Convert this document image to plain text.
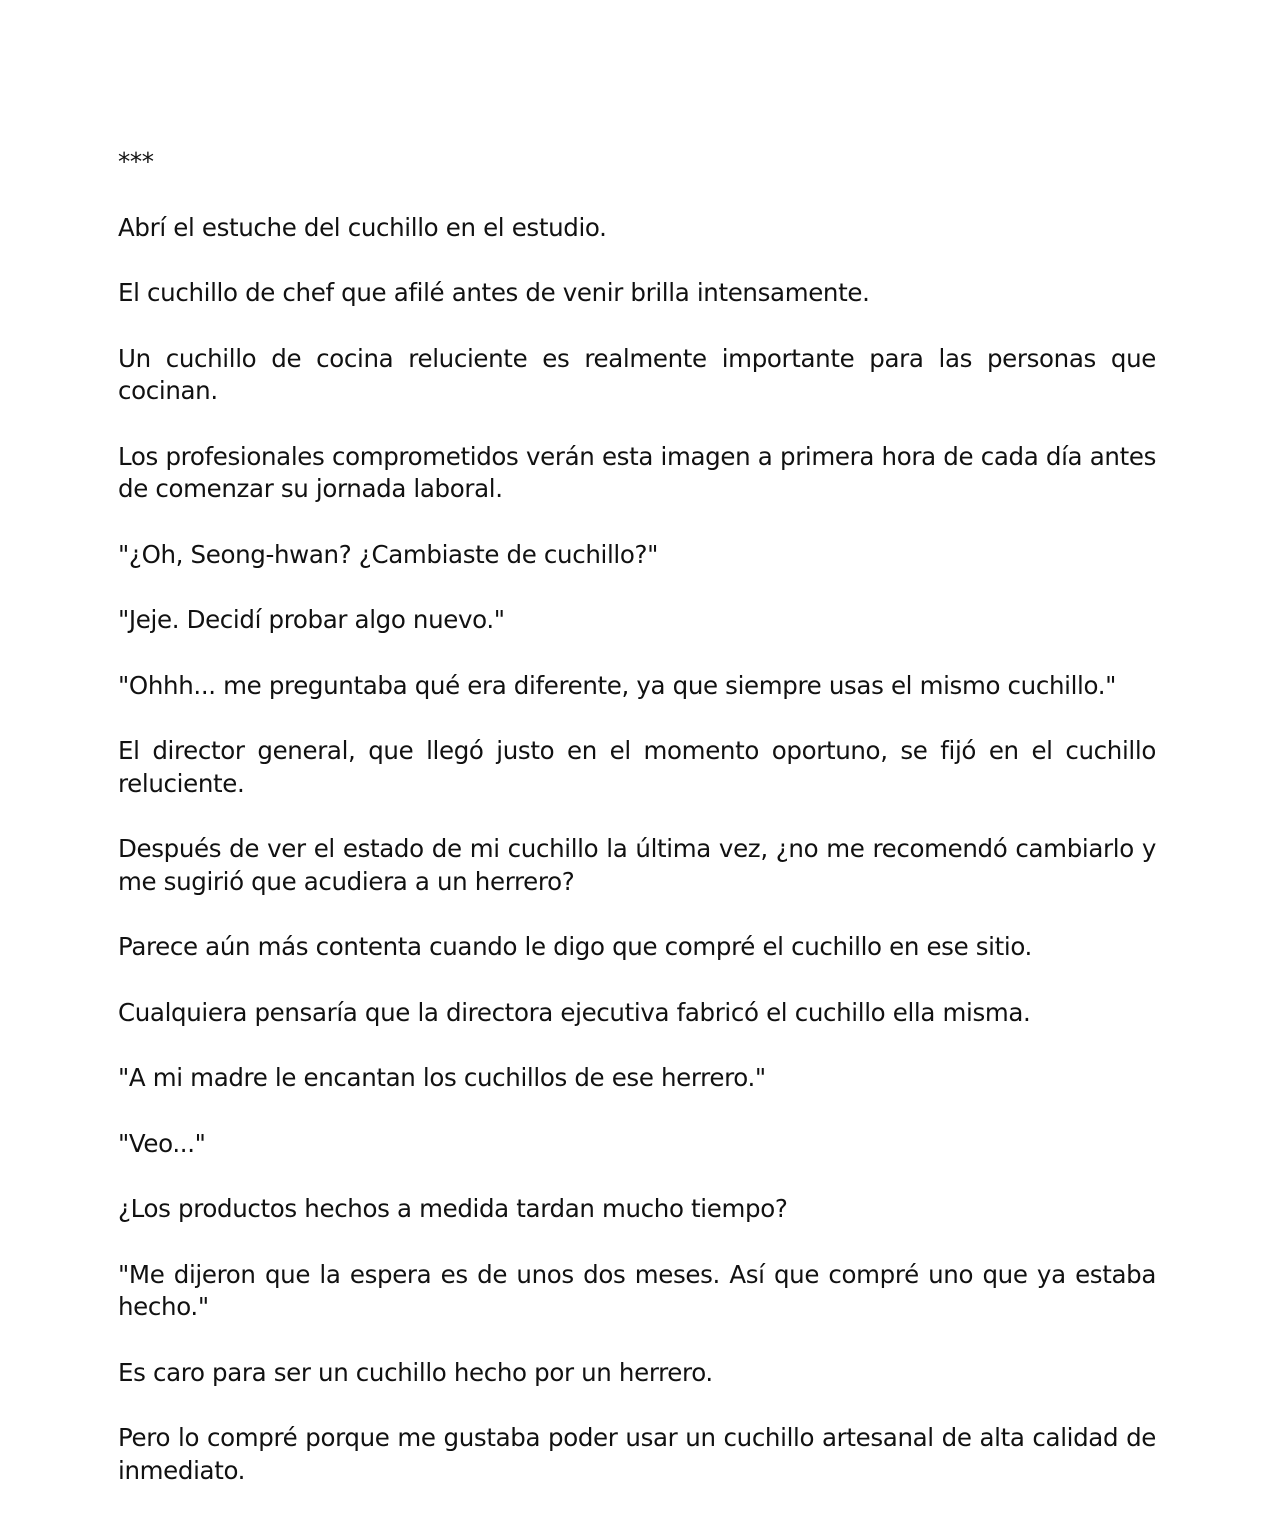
***

Abrí el estuche del cuchillo en el estudio.

El cuchillo de chef que afilé antes de venir brilla intensamente.

Un cuchillo de cocina reluciente es realmente importante para las personas que cocinan.

Los profesionales comprometidos verán esta imagen a primera hora de cada día antes de comenzar su jornada laboral.

"¿Oh, Seong-hwan? ¿Cambiaste de cuchillo?"

"Jeje. Decidí probar algo nuevo."

"Ohhh... me preguntaba qué era diferente, ya que siempre usas el mismo cuchillo."

El director general, que llegó justo en el momento oportuno, se fijó en el cuchillo reluciente.

Después de ver el estado de mi cuchillo la última vez, ¿no me recomendó cambiarlo y me sugirió que acudiera a un herrero?

Parece aún más contenta cuando le digo que compré el cuchillo en ese sitio.

Cualquiera pensaría que la directora ejecutiva fabricó el cuchillo ella misma.

"A mi madre le encantan los cuchillos de ese herrero."

"Veo..."

¿Los productos hechos a medida tardan mucho tiempo?

"Me dijeron que la espera es de unos dos meses. Así que compré uno que ya estaba hecho."

Es caro para ser un cuchillo hecho por un herrero.

Pero lo compré porque me gustaba poder usar un cuchillo artesanal de alta calidad de inmediato.
